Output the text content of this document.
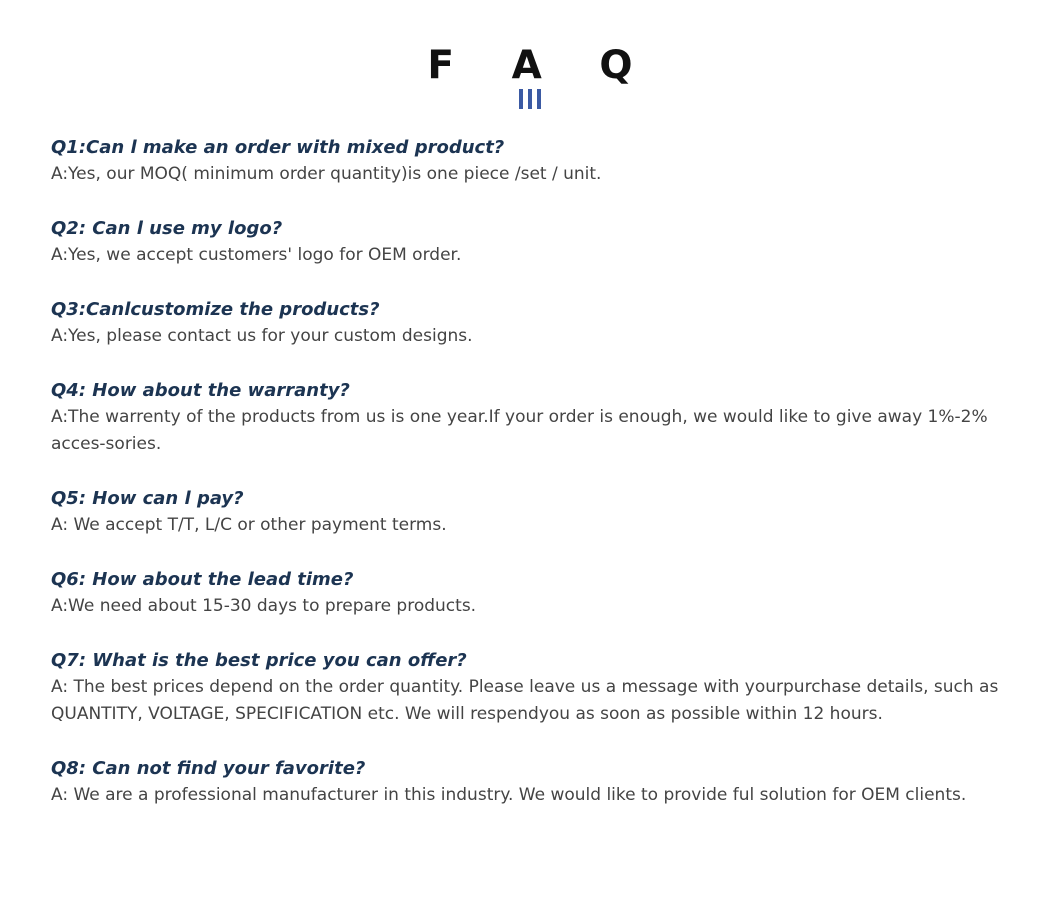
F A Q

Q1:Can l make an order with mixed product?

A:Yes, our MOQ( minimum order quantity)is one piece /set / unit.

Q2: Can l use my logo?

A:Yes, we accept customers' logo for OEM order.

Q3:Canlcustomize the products?

A:Yes, please contact us for your custom designs.

Q4: How about the warranty?

A:The warrenty of the products from us is one year.If your order is enough, we would like to give away 1%-2% acces-sories.

Q5: How can l pay?

A: We accept T/T, L/C or other payment terms.

Q6: How about the lead time?

A:We need about 15-30 days to prepare products.

Q7: What is the best price you can offer?

A: The best prices depend on the order quantity. Please leave us a message with yourpurchase details, such as QUANTITY, VOLTAGE, SPECIFICATION etc. We will respendyou as soon as possible within 12 hours.

Q8: Can not find your favorite?

A: We are a professional manufacturer in this industry. We would like to provide ful solution for OEM clients.
